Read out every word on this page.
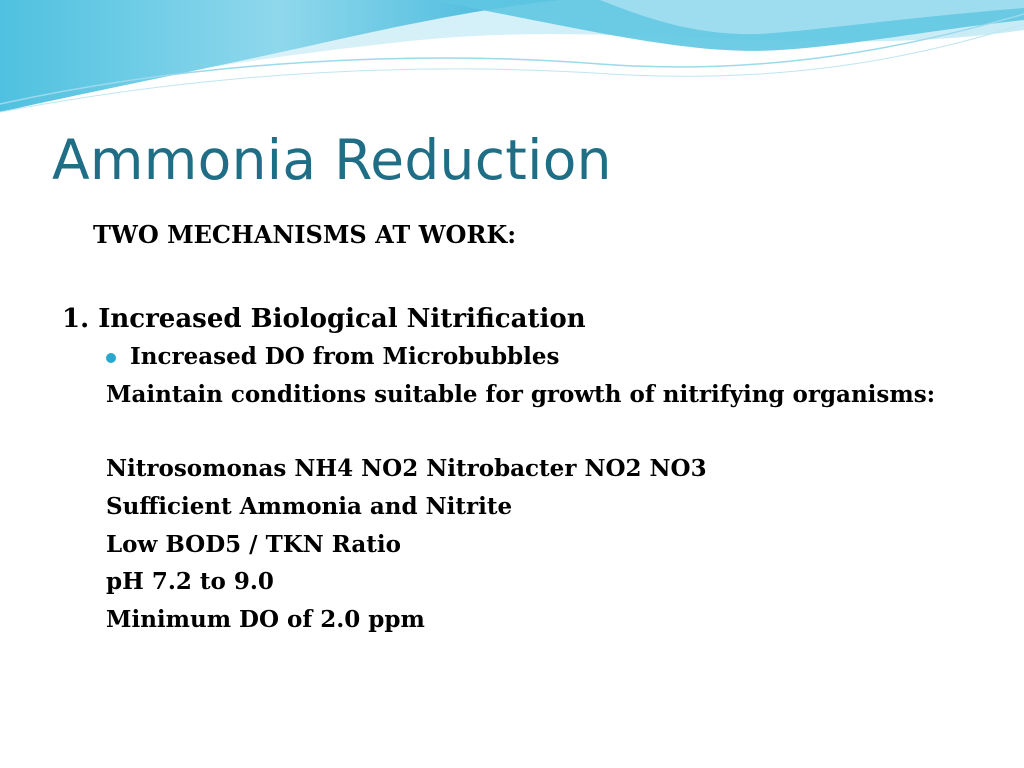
Ammonia Reduction

TWO MECHANISMS AT WORK:

1. Increased Biological Nitrification

Increased DO from Microbubbles

Maintain conditions suitable for growth of nitrifying organisms:

Nitrosomonas NH4 NO2 Nitrobacter NO2 NO3

Sufficient Ammonia and Nitrite

Low BOD5 / TKN Ratio

pH 7.2 to 9.0

Minimum DO of 2.0 ppm
